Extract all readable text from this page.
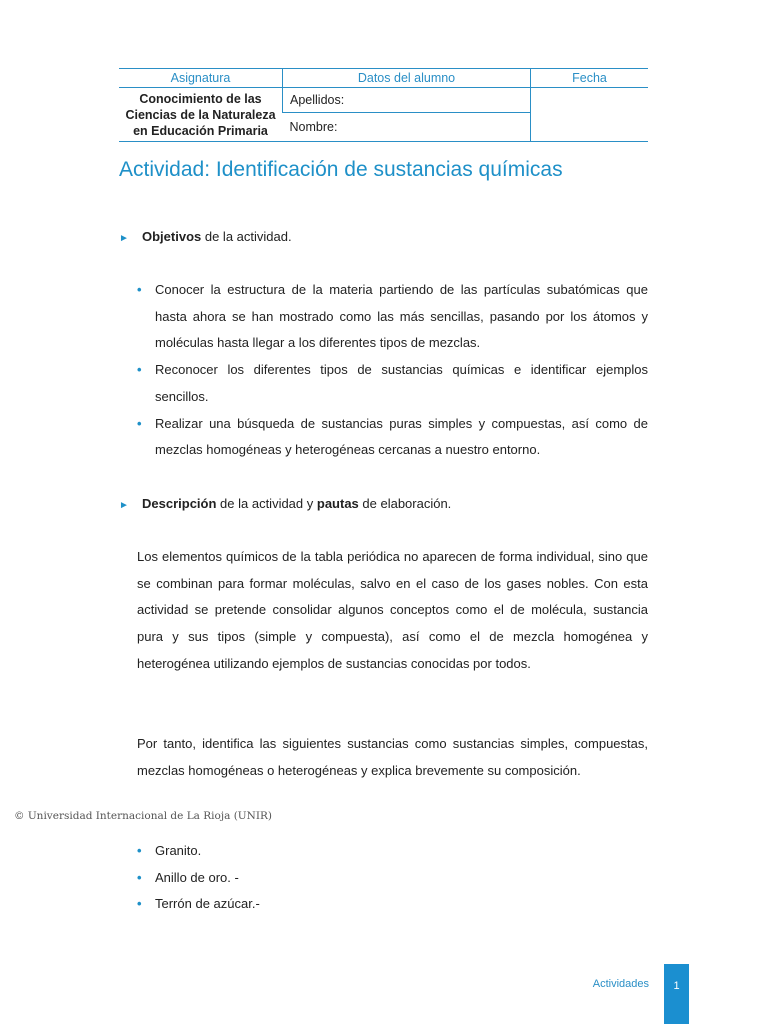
Asignatura	Datos del alumno	Fecha
Conocimiento de las
Ciencias de la Naturaleza
en Educación Primaria	Apellidos:	
	Nombre:	
Actividad: Identificación de sustancias químicas
► Objetivos de la actividad.
• Conocer la estructura de la materia partiendo de las partículas subatómicas que hasta ahora se han mostrado como las más sencillas, pasando por los átomos y moléculas hasta llegar a los diferentes tipos de mezclas.
• Reconocer los diferentes tipos de sustancias químicas e identificar ejemplos sencillos.
• Realizar una búsqueda de sustancias puras simples y compuestas, así como de mezclas homogéneas y heterogéneas cercanas a nuestro entorno.
► Descripción de la actividad y pautas de elaboración.

Los elementos químicos de la tabla periódica no aparecen de forma individual, sino que se combinan para formar moléculas, salvo en el caso de los gases nobles. Con esta actividad se pretende consolidar algunos conceptos como el de molécula, sustancia pura y sus tipos (simple y compuesta), así como el de mezcla homogénea y heterogénea utilizando ejemplos de sustancias conocidas por todos.

Por tanto, identifica las siguientes sustancias como sustancias simples, compuestas, mezclas homogéneas o heterogéneas y explica brevemente su composición.

© Universidad Internacional de La Rioja (UNIR)
• Granito.
• Anillo de oro. -
• Terrón de azúcar.-
Actividades	1
